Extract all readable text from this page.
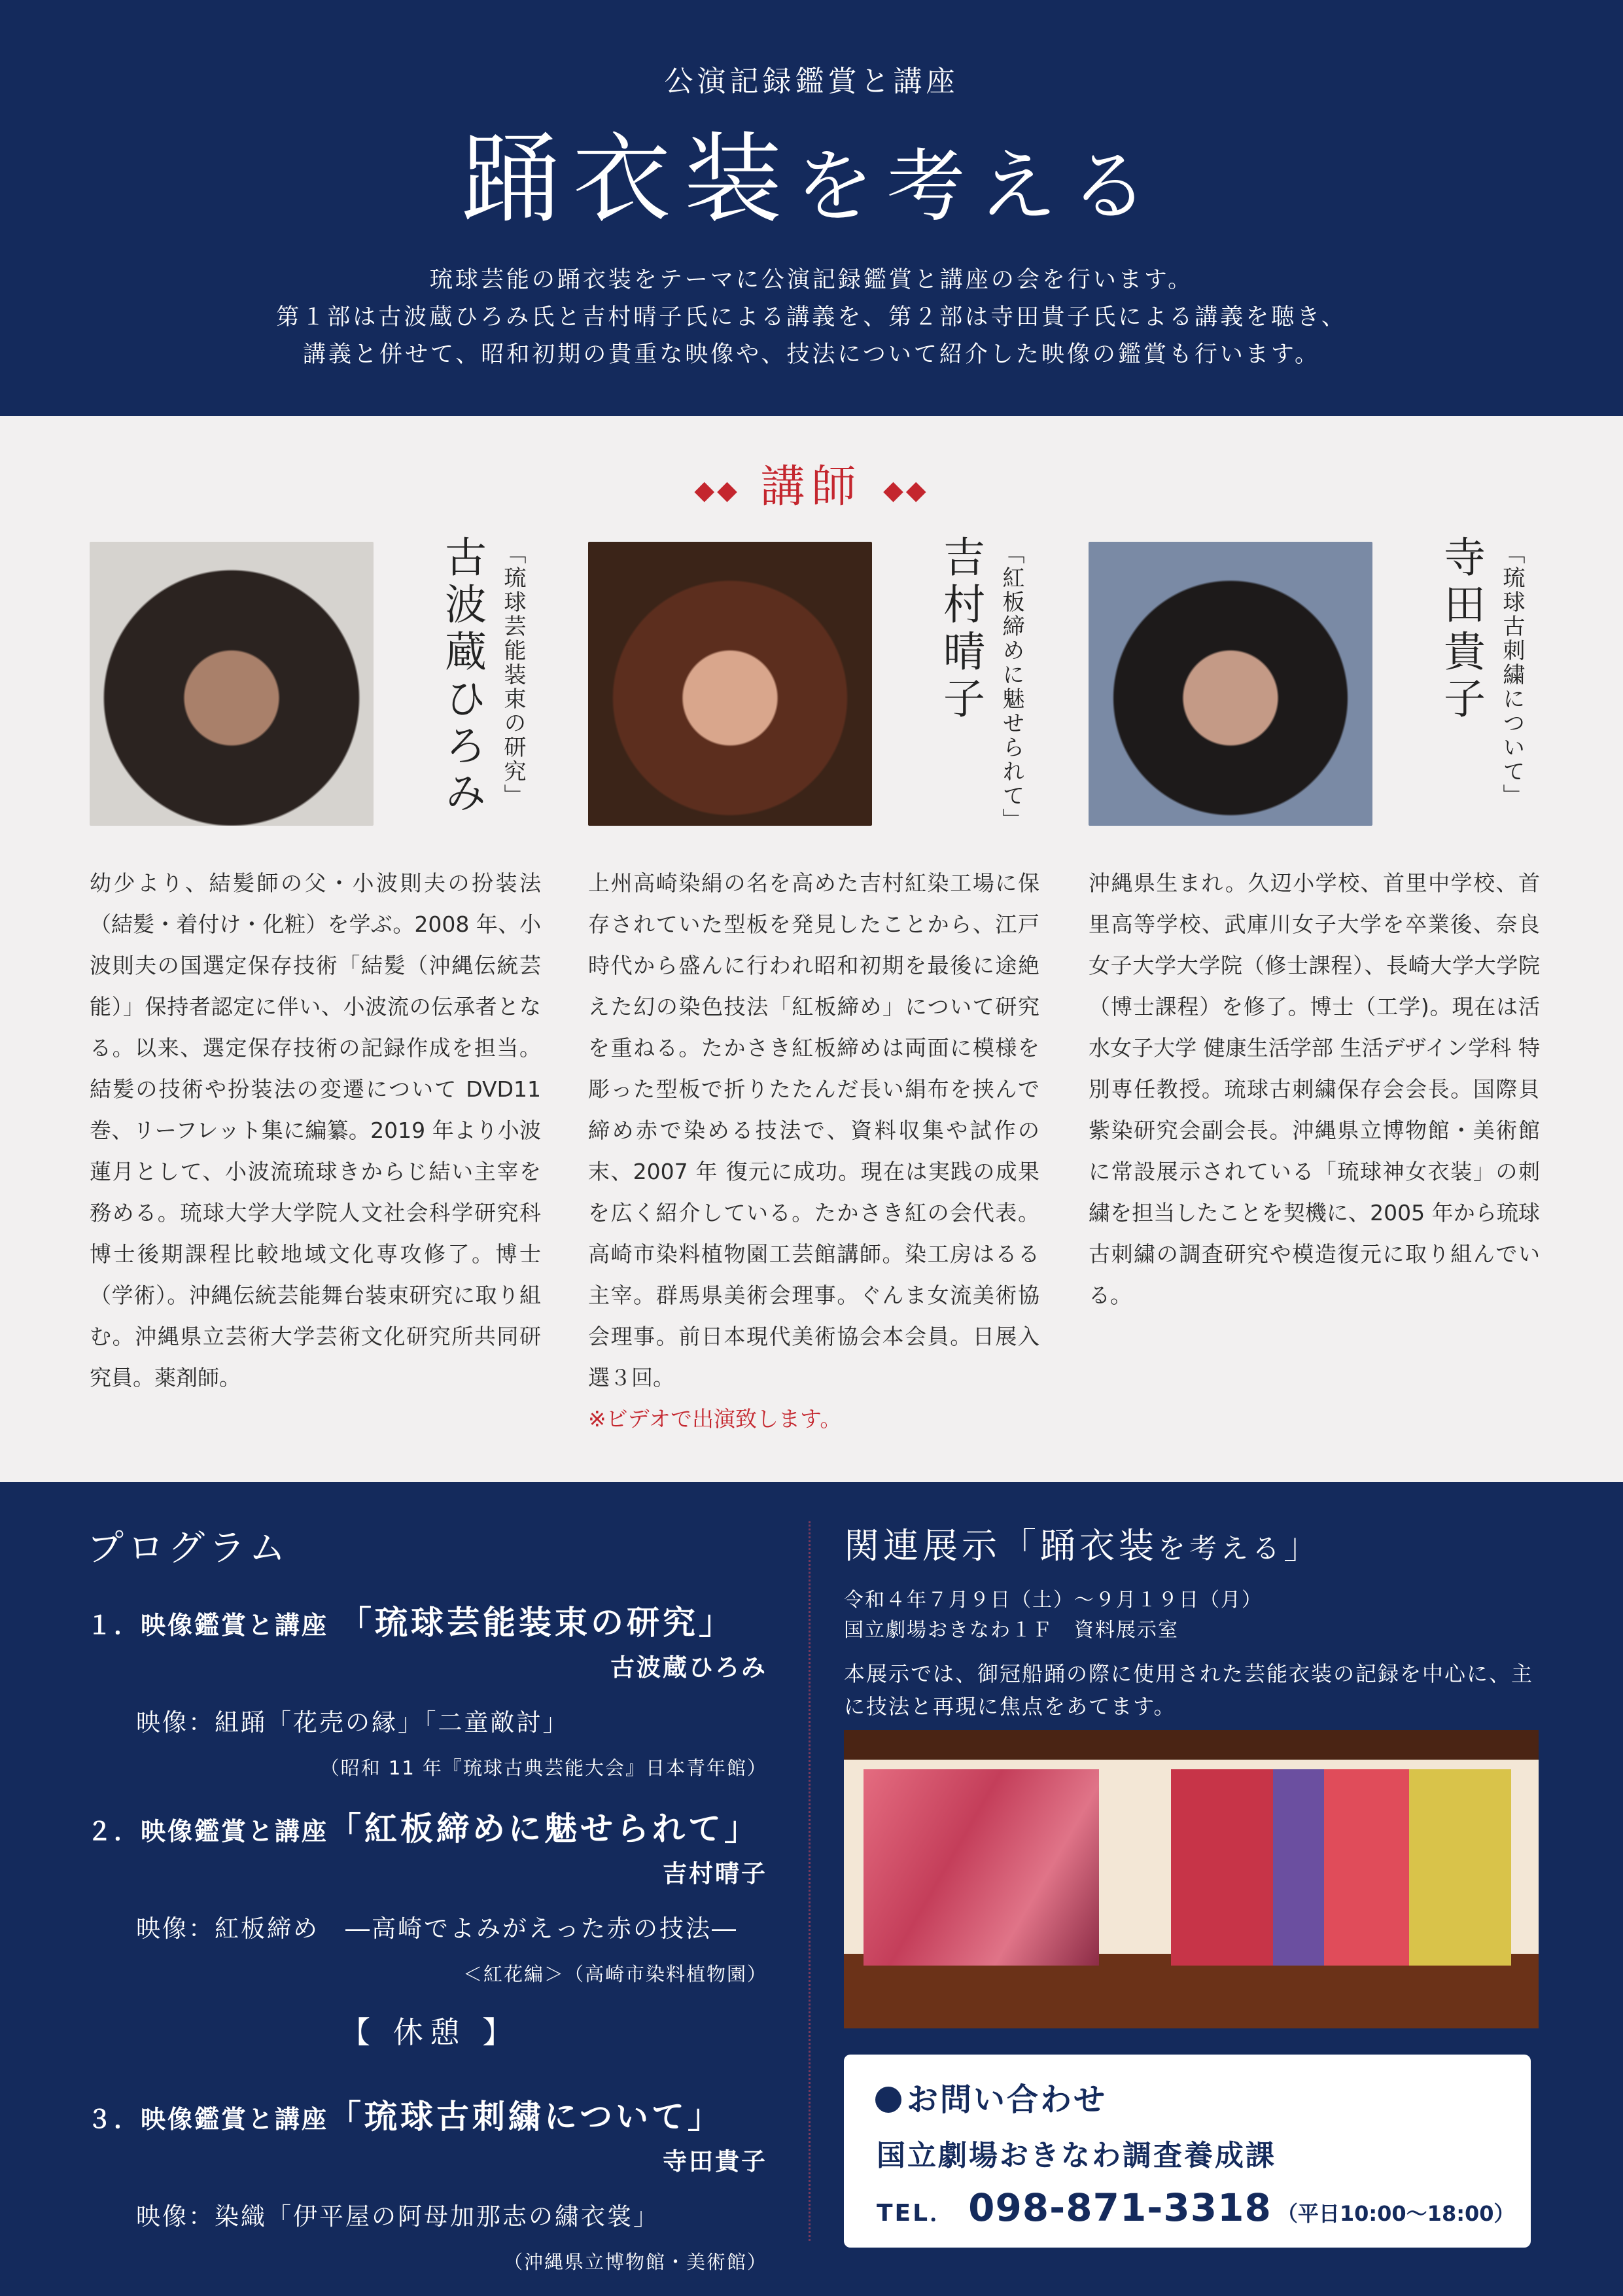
公演記録鑑賞と講座
踊衣装を考える
琉球芸能の踊衣装をテーマに公演記録鑑賞と講座の会を行います。
第１部は古波蔵ひろみ氏と吉村晴子氏による講義を、第２部は寺田貴子氏による講義を聴き、
講義と併せて、昭和初期の貴重な映像や、技法について紹介した映像の鑑賞も行います。
◆◆ 講師 ◆◆
古波蔵ひろみ 「琉球芸能装束の研究」	吉村晴子 「紅板締めに魅せられて」	寺田貴子 「琉球古刺繍について」
幼少より、結髪師の父・小波則夫の扮装法（結髪・着付け・化粧）を学ぶ。2008 年、小波則夫の国選定保存技術「結髪（沖縄伝統芸能）」保持者認定に伴い、小波流の伝承者となる。以来、選定保存技術の記録作成を担当。結髪の技術や扮装法の変遷について DVD11 巻、リーフレット集に編纂。2019 年より小波蓮月として、小波流琉球きからじ結い主宰を務める。琉球大学大学院人文社会科学研究科博士後期課程比較地域文化専攻修了。博士（学術）。沖縄伝統芸能舞台装束研究に取り組む。沖縄県立芸術大学芸術文化研究所共同研究員。薬剤師。
上州高崎染絹の名を高めた吉村紅染工場に保存されていた型板を発見したことから、江戸時代から盛んに行われ昭和初期を最後に途絶えた幻の染色技法「紅板締め」について研究を重ねる。たかさき紅板締めは両面に模様を彫った型板で折りたたんだ長い絹布を挟んで締め赤で染める技法で、資料収集や試作の末、2007 年 復元に成功。現在は実践の成果を広く紹介している。たかさき紅の会代表。高崎市染料植物園工芸館講師。染工房はるる主宰。群馬県美術会理事。ぐんま女流美術協会理事。前日本現代美術協会本会員。日展入選３回。
※ビデオで出演致します。
沖縄県生まれ。久辺小学校、首里中学校、首里高等学校、武庫川女子大学を卒業後、奈良女子大学大学院（修士課程）、長崎大学大学院（博士課程）を修了。博士（工学)。現在は活水女子大学 健康生活学部 生活デザイン学科 特別専任教授。琉球古刺繍保存会会長。国際貝紫染研究会副会長。沖縄県立博物館・美術館に常設展示されている「琉球神女衣装」の刺繍を担当したことを契機に、2005 年から琉球古刺繍の調査研究や模造復元に取り組んでいる。
プログラム
１．映像鑑賞と講座　 「琉球芸能装束の研究」
古波蔵ひろみ
映像：組踊「花売の縁」「二童敵討」
（昭和 11 年『琉球古典芸能大会』日本青年館）
２．映像鑑賞と講座「紅板締めに魅せられて」
吉村晴子
映像：紅板締め　―高崎でよみがえった赤の技法―
＜紅花編＞（高崎市染料植物園）
【 休憩 】
３．映像鑑賞と講座「琉球古刺繍について」
寺田貴子
映像：染織「伊平屋の阿母加那志の繍衣裳」
（沖縄県立博物館・美術館）
関連展示「踊衣装を考える」
令和４年７月９日（土）～９月１９日（月）
国立劇場おきなわ１Ｆ　資料展示室
本展示では、御冠船踊の際に使用された芸能衣装の記録を中心に、主に技法と再現に焦点をあてます。
お問い合わせ
国立劇場おきなわ調査養成課
TEL． 098-871-3318 （平日10:00～18:00）
